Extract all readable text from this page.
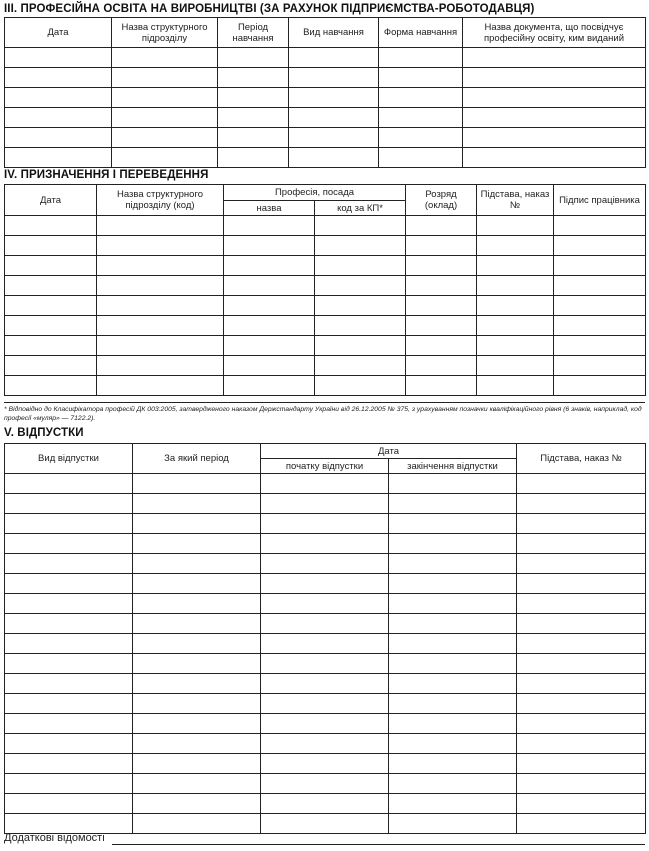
ІІІ. ПРОФЕСІЙНА ОСВІТА НА ВИРОБНИЦТВІ (ЗА РАХУНОК ПІДПРИЄМСТВА-РОБОТОДАВЦЯ)
Дата	Назва структурного підрозділу	Період навчання	Вид навчання	Форма навчання	Назва документа, що посвідчує професійну освіту, ким виданий

ІV. ПРИЗНАЧЕННЯ І ПЕРЕВЕДЕННЯ
Дата	Назва структурного підрозділу (код)	Професія, посада		Розряд (оклад)	Підстава, наказ №	Підпис працівника
		назва	код за КП*			

* Відповідно до Класифікатора професій ДК 003:2005, затвердженого наказом Держстандарту України від 26.12.2005 № 375, з урахуванням позначки кваліфікаційного рівня (6 знаків, наприклад, код професії «муляр» — 7122.2).

V. ВІДПУСТКИ
Вид відпустки	За який період	Дата		Підстава, наказ №
		початку відпустки	закінчення відпустки	

Додаткові відомості
